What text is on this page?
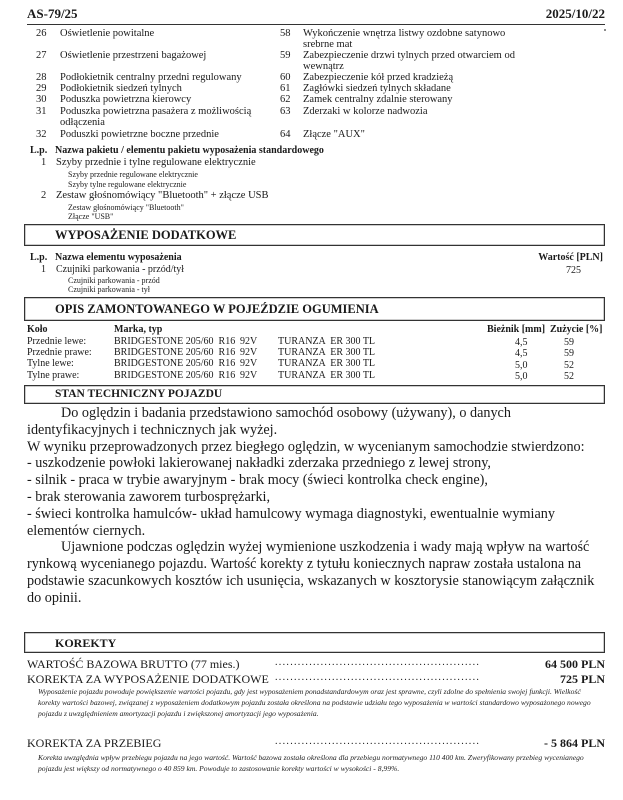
AS-79/25	2025/10/22
26	Oświetlenie powitalne
27	Oświetlenie przestrzeni bagażowej
28	Podłokietnik centralny przedni regulowany
29	Podłokietnik siedzeń tylnych
30	Poduszka powietrzna kierowcy
31	Poduszka powietrzna pasażera z możliwością
odłączenia
32	Poduszki powietrzne boczne przednie
58	Wykończenie wnętrza listwy ozdobne satynowo
srebrne mat
59	Zabezpieczenie drzwi tylnych przed otwarciem od
wewnątrz
60	Zabezpieczenie kół przed kradzieżą
61	Zagłówki siedzeń tylnych składane
62	Zamek centralny zdalnie sterowany
63	Zderzaki w kolorze nadwozia
64	Złącze "AUX"
L.p. Nazwa pakietu / elementu pakietu wyposażenia standardowego
1 Szyby przednie i tylne regulowane elektrycznie
Szyby przednie regulowane elektrycznie
Szyby tylne regulowane elektrycznie
2 Zestaw głośnomówiący "Bluetooth" + złącze USB
Zestaw głośnomówiący "Bluetooth"
Złącze "USB"
WYPOSAŻENIE DODATKOWE
L.p. Nazwa elementu wyposażenia	Wartość [PLN]
1 Czujniki parkowania - przód/tył	725
Czujniki parkowania - przód
Czujniki parkowania - tył
OPIS ZAMONTOWANEGO W POJEŹDZIE OGUMIENIA
Koło	Marka, typ	Bieżnik [mm] Zużycie [%]
Przednie lewe:	BRIDGESTONE 205/60  R16 92V TURANZA  ER 300 TL	4,5	59
Przednie prawe: BRIDGESTONE 205/60  R16 92V TURANZA  ER 300 TL	4,5	59
Tylne lewe:	BRIDGESTONE 205/60  R16 92V TURANZA  ER 300 TL	5,0	52
Tylne prawe:	BRIDGESTONE 205/60  R16 92V TURANZA  ER 300 TL	5,0	52
STAN TECHNICZNY POJAZDU

Do oględzin i badania przedstawiono samochód osobowy (używany), o danych identyfikacyjnych i technicznych jak wyżej.

W wyniku przeprowadzonych przez biegłego oględzin, w wycenianym samochodzie stwierdzono:

- uszkodzenie powłoki lakierowanej nakładki zderzaka przedniego z lewej strony,

- silnik - praca w trybie awaryjnym - brak mocy (świeci kontrolka check engine),

- brak sterowania zaworem turbosprężarki,

- świeci kontrolka hamulców- układ hamulcowy wymaga diagnostyki, ewentualnie wymiany elementów ciernych.

Ujawnione podczas oględzin wyżej wymienione uszkodzenia i wady mają wpływ na wartość rynkową wycenianego pojazdu. Wartość korekty z tytułu koniecznych napraw została ustalona na podstawie szacunkowych kosztów ich usunięcia, wskazanych w kosztorysie stanowiącym załącznik do opinii.

KOREKTY
WARTOŚĆ BAZOWA BRUTTO (77 mies.)	......................................................	64 500 PLN
KOREKTA ZA WYPOSAŻENIE DODATKOWE ......................................................	725 PLN
Wyposażenie pojazdu powoduje powiększenie wartości pojazdu, gdy jest wyposażeniem ponadstandardowym oraz jest sprawne, czyli zdolne do spełnienia swojej funkcji. Wielkość korekty wartości bazowej, związanej z wyposażeniem dodatkowym pojazdu została określona na podstawie udziału tego wyposażenia w wartości standardowo wyposażonego nowego pojazdu z uwzględnieniem amortyzacji pojazdu i zwiększonej amortyzacji jego wyposażenia.
KOREKTA ZA PRZEBIEG	......................................................	- 5 864 PLN
Korekta uwzględnia wpływ przebiegu pojazdu na jego wartość. Wartość bazowa została określona dla przebiegu normatywnego 110 400 km. Zweryfikowany przebieg wycenianego pojazdu jest większy od normatywnego o 40 859 km. Powoduje to zastosowanie korekty wartości w wysokości - 8,99%.
